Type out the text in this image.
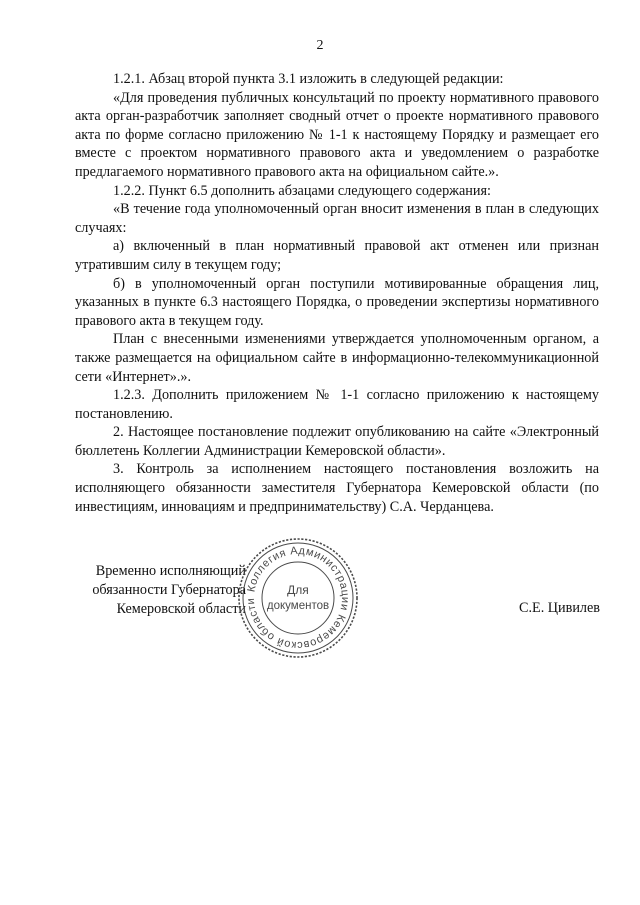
2

1.2.1. Абзац второй пункта 3.1 изложить в следующей редакции:

«Для проведения публичных консультаций по проекту нормативного правового акта орган-разработчик заполняет сводный отчет о проекте нормативного правового акта по форме согласно приложению № 1-1 к настоящему Порядку и размещает его вместе с проектом нормативного правового акта и уведомлением о разработке предлагаемого нормативного правового акта на официальном сайте.».

1.2.2. Пункт 6.5 дополнить абзацами следующего содержания:

«В течение года уполномоченный орган вносит изменения в план в следующих случаях:

а) включенный в план нормативный правовой акт отменен или признан утратившим силу в текущем году;

б) в уполномоченный орган поступили мотивированные обращения лиц, указанных в пункте 6.3 настоящего Порядка, о проведении экспертизы нормативного правового акта в текущем году.

План с внесенными изменениями утверждается уполномоченным органом, а также размещается на официальном сайте в информационно-телекоммуникационной сети «Интернет».».

1.2.3. Дополнить приложением № 1-1 согласно приложению к настоящему постановлению.

2. Настоящее постановление подлежит опубликованию на сайте «Электронный бюллетень Коллегии Администрации Кемеровской области».

3. Контроль за исполнением настоящего постановления возложить на исполняющего обязанности заместителя Губернатора Кемеровской области (по инвестициям, инновациям и предпринимательству) С.А. Черданцева.

Временно исполняющий
обязанности Губернатора
Кемеровской области
Коллегия Администрации Кемеровской области
Для
документов	С.Е. Цивилев
